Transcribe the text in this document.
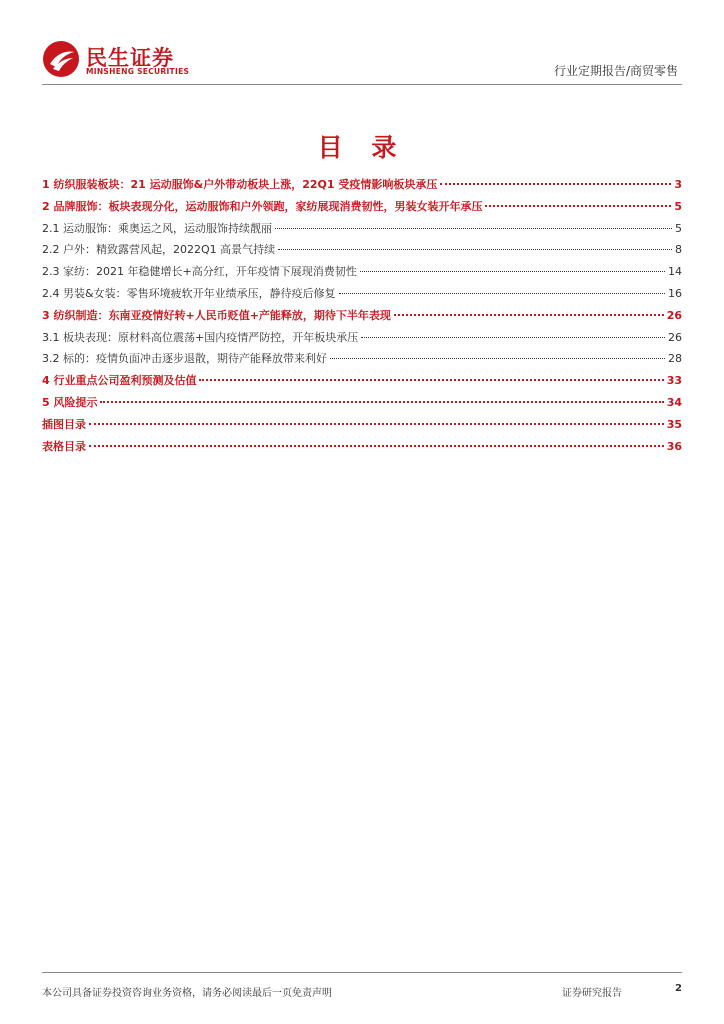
民生证券
MINSHENG SECURITIES	行业定期报告/商贸零售
目 录
1 纺织服装板块：21 运动服饰&户外带动板块上涨，22Q1 受疫情影响板块承压	3
2 品牌服饰：板块表现分化，运动服饰和户外领跑，家纺展现消费韧性，男装女装开年承压	5
2.1 运动服饰：乘奥运之风，运动服饰持续靓丽	5
2.2 户外：精致露营风起，2022Q1 高景气持续	8
2.3 家纺：2021 年稳健增长+高分红，开年疫情下展现消费韧性	14
2.4 男装&女装：零售环境疲软开年业绩承压，静待疫后修复	16
3 纺织制造：东南亚疫情好转+人民币贬值+产能释放，期待下半年表现	26
3.1 板块表现：原材料高位震荡+国内疫情严防控，开年板块承压	26
3.2 标的：疫情负面冲击逐步退散，期待产能释放带来利好	28
4 行业重点公司盈利预测及估值	33
5 风险提示	34
插图目录	35
表格目录	36
本公司具备证券投资咨询业务资格，请务必阅读最后一页免责声明	证券研究报告	2
